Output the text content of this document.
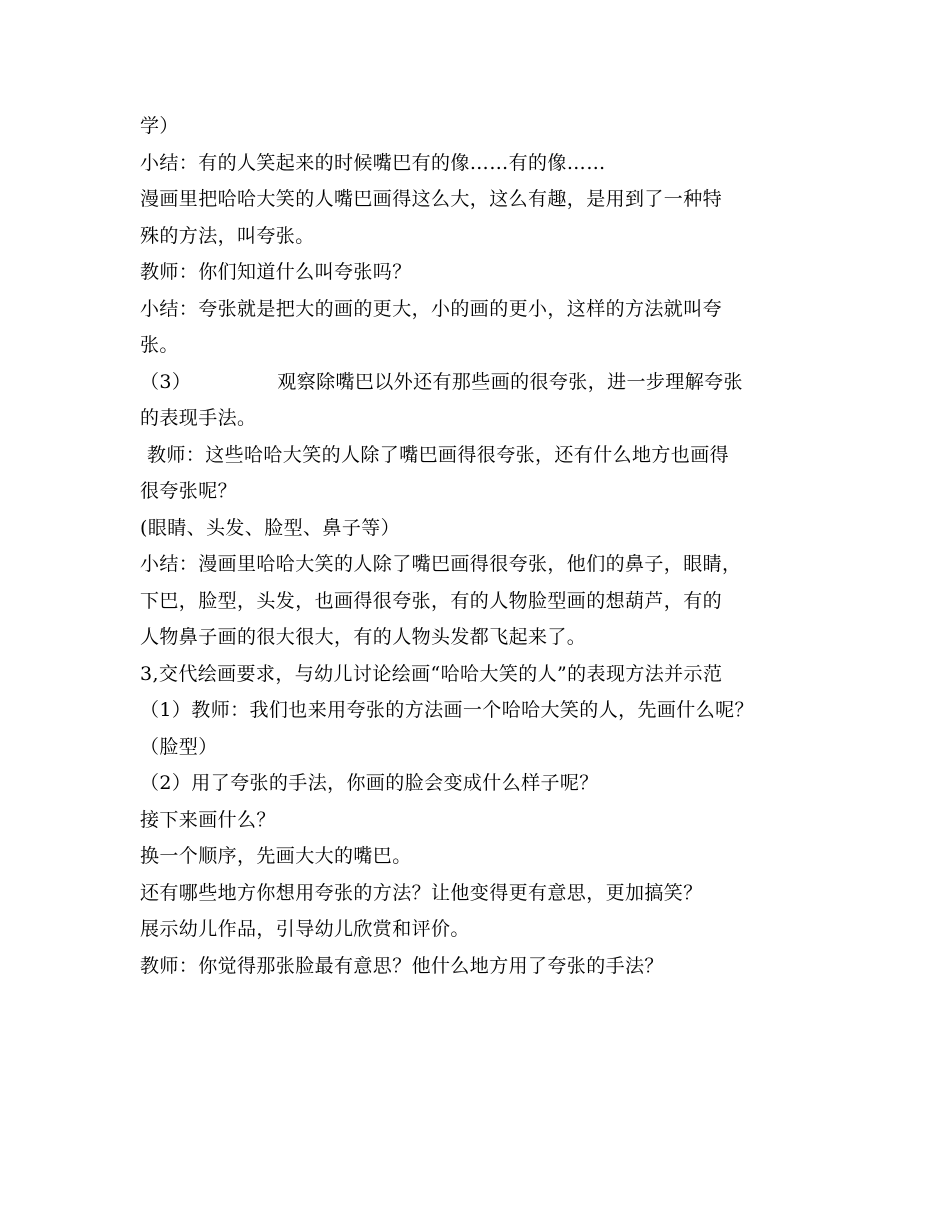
学）
小结：有的人笑起来的时候嘴巴有的像……有的像……
漫画里把哈哈大笑的人嘴巴画得这么大，这么有趣，是用到了一种特
殊的方法，叫夸张。
教师：你们知道什么叫夸张吗？
小结：夸张就是把大的画的更大，小的画的更小，这样的方法就叫夸
张。
（3）	观察除嘴巴以外还有那些画的很夸张，进一步理解夸张
的表现手法。
教师：这些哈哈大笑的人除了嘴巴画得很夸张，还有什么地方也画得
很夸张呢？
(眼睛、头发、脸型、鼻子等）
小结：漫画里哈哈大笑的人除了嘴巴画得很夸张，他们的鼻子，眼睛，
下巴，脸型，头发，也画得很夸张，有的人物脸型画的想葫芦，有的
人物鼻子画的很大很大，有的人物头发都飞起来了。
3,交代绘画要求，与幼儿讨论绘画“哈哈大笑的人”的表现方法并示范
（1）教师：我们也来用夸张的方法画一个哈哈大笑的人，先画什么呢？
（脸型）
（2）用了夸张的手法，你画的脸会变成什么样子呢？
接下来画什么？
换一个顺序，先画大大的嘴巴。
还有哪些地方你想用夸张的方法？让他变得更有意思，更加搞笑？
展示幼儿作品，引导幼儿欣赏和评价。
教师：你觉得那张脸最有意思？他什么地方用了夸张的手法？
